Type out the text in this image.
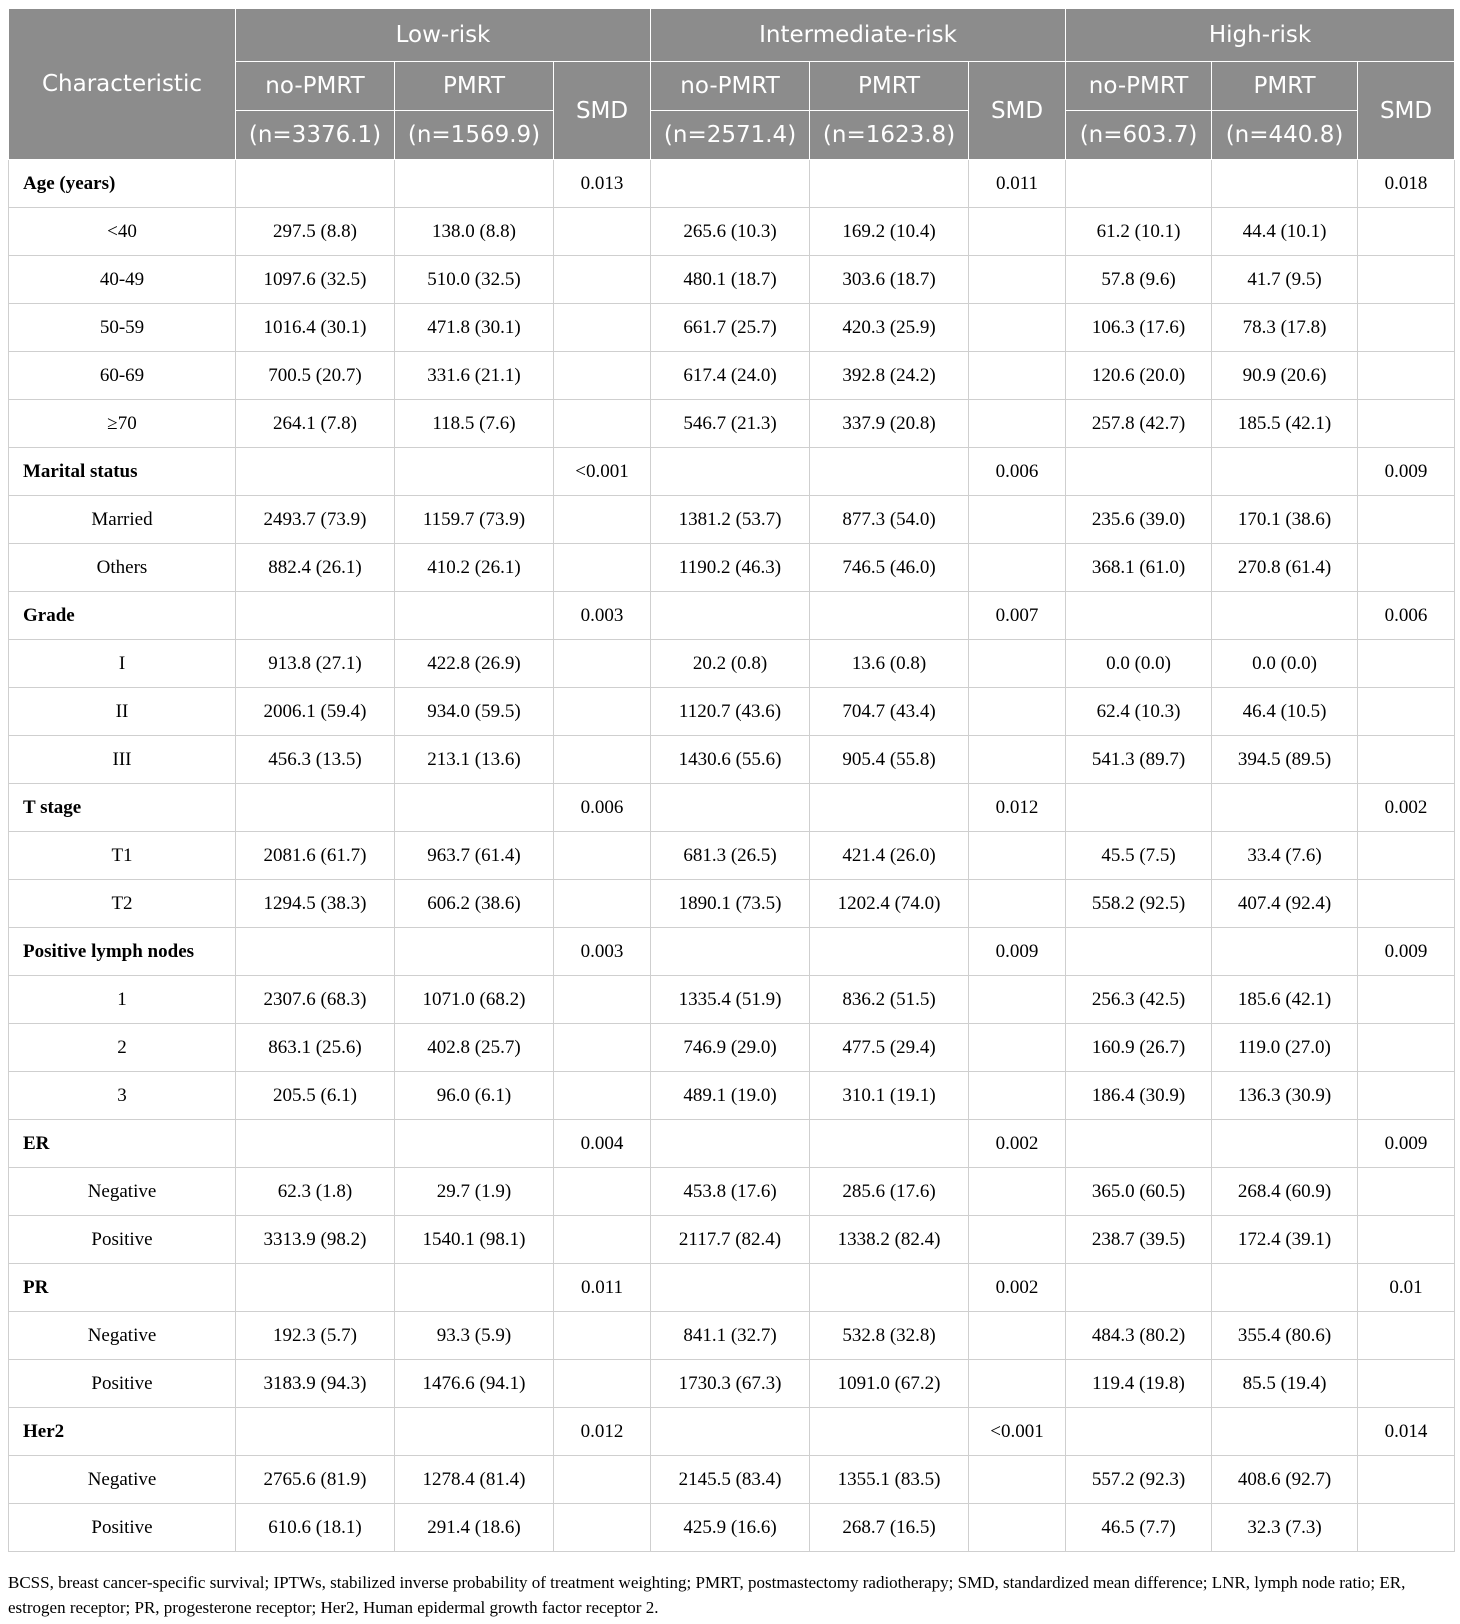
Characteristic	Low-risk			Intermediate-risk			High-risk		
	no-PMRT	PMRT	SMD	no-PMRT	PMRT	SMD	no-PMRT	PMRT	SMD
	(n=3376.1)	(n=1569.9)		(n=2571.4)	(n=1623.8)		(n=603.7)	(n=440.8)	
Age (years)			0.013			0.011			0.018
<40	297.5 (8.8)	138.0 (8.8)		265.6 (10.3)	169.2 (10.4)		61.2 (10.1)	44.4 (10.1)	
40-49	1097.6 (32.5)	510.0 (32.5)		480.1 (18.7)	303.6 (18.7)		57.8 (9.6)	41.7 (9.5)	
50-59	1016.4 (30.1)	471.8 (30.1)		661.7 (25.7)	420.3 (25.9)		106.3 (17.6)	78.3 (17.8)	
60-69	700.5 (20.7)	331.6 (21.1)		617.4 (24.0)	392.8 (24.2)		120.6 (20.0)	90.9 (20.6)	
≥70	264.1 (7.8)	118.5 (7.6)		546.7 (21.3)	337.9 (20.8)		257.8 (42.7)	185.5 (42.1)	
Marital status			<0.001			0.006			0.009
Married	2493.7 (73.9)	1159.7 (73.9)		1381.2 (53.7)	877.3 (54.0)		235.6 (39.0)	170.1 (38.6)	
Others	882.4 (26.1)	410.2 (26.1)		1190.2 (46.3)	746.5 (46.0)		368.1 (61.0)	270.8 (61.4)	
Grade			0.003			0.007			0.006
I	913.8 (27.1)	422.8 (26.9)		20.2 (0.8)	13.6 (0.8)		0.0 (0.0)	0.0 (0.0)	
II	2006.1 (59.4)	934.0 (59.5)		1120.7 (43.6)	704.7 (43.4)		62.4 (10.3)	46.4 (10.5)	
III	456.3 (13.5)	213.1 (13.6)		1430.6 (55.6)	905.4 (55.8)		541.3 (89.7)	394.5 (89.5)	
T stage			0.006			0.012			0.002
T1	2081.6 (61.7)	963.7 (61.4)		681.3 (26.5)	421.4 (26.0)		45.5 (7.5)	33.4 (7.6)	
T2	1294.5 (38.3)	606.2 (38.6)		1890.1 (73.5)	1202.4 (74.0)		558.2 (92.5)	407.4 (92.4)	
Positive lymph nodes			0.003			0.009			0.009
1	2307.6 (68.3)	1071.0 (68.2)		1335.4 (51.9)	836.2 (51.5)		256.3 (42.5)	185.6 (42.1)	
2	863.1 (25.6)	402.8 (25.7)		746.9 (29.0)	477.5 (29.4)		160.9 (26.7)	119.0 (27.0)	
3	205.5 (6.1)	96.0 (6.1)		489.1 (19.0)	310.1 (19.1)		186.4 (30.9)	136.3 (30.9)	
ER			0.004			0.002			0.009
Negative	62.3 (1.8)	29.7 (1.9)		453.8 (17.6)	285.6 (17.6)		365.0 (60.5)	268.4 (60.9)	
Positive	3313.9 (98.2)	1540.1 (98.1)		2117.7 (82.4)	1338.2 (82.4)		238.7 (39.5)	172.4 (39.1)	
PR			0.011			0.002			0.01
Negative	192.3 (5.7)	93.3 (5.9)		841.1 (32.7)	532.8 (32.8)		484.3 (80.2)	355.4 (80.6)	
Positive	3183.9 (94.3)	1476.6 (94.1)		1730.3 (67.3)	1091.0 (67.2)		119.4 (19.8)	85.5 (19.4)	
Her2			0.012			<0.001			0.014
Negative	2765.6 (81.9)	1278.4 (81.4)		2145.5 (83.4)	1355.1 (83.5)		557.2 (92.3)	408.6 (92.7)	
Positive	610.6 (18.1)	291.4 (18.6)		425.9 (16.6)	268.7 (16.5)		46.5 (7.7)	32.3 (7.3)	
BCSS, breast cancer-specific survival; IPTWs, stabilized inverse probability of treatment weighting; PMRT, postmastectomy radiotherapy; SMD, standardized mean difference; LNR, lymph node ratio; ER, estrogen receptor; PR, progesterone receptor; Her2, Human epidermal growth factor receptor 2.
